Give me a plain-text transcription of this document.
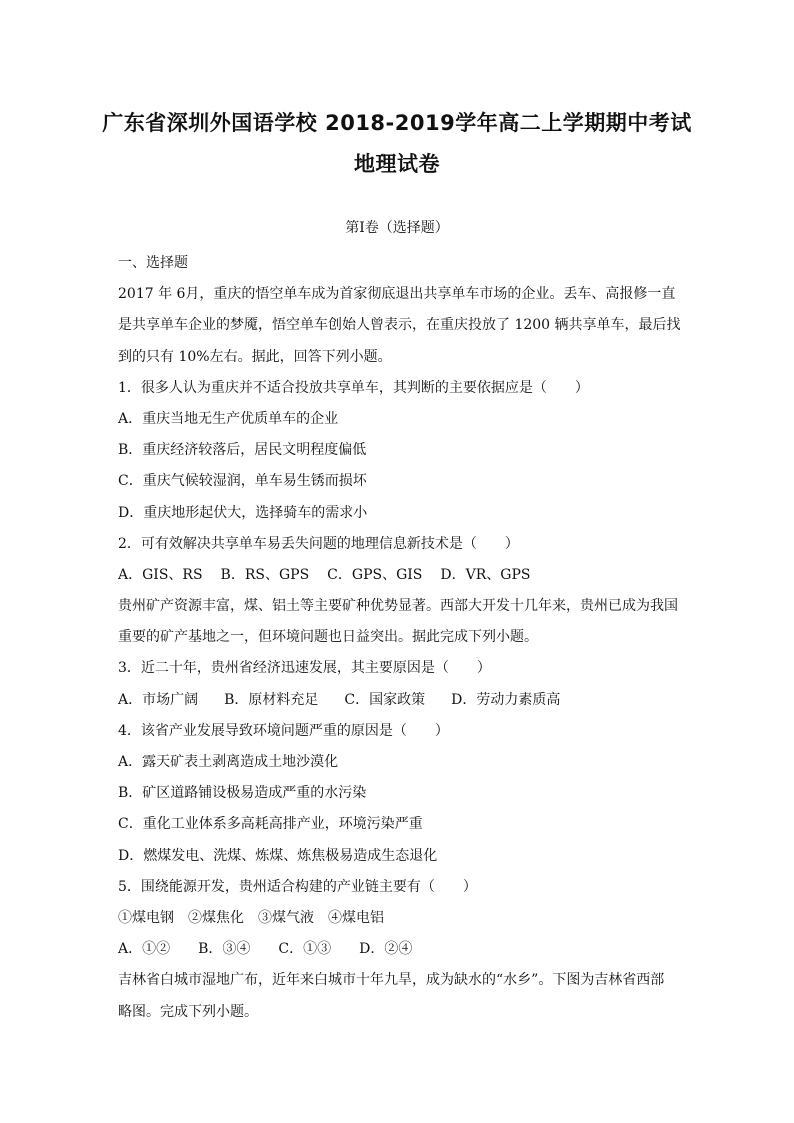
广东省深圳外国语学校 2018-2019学年高二上学期期中考试
地理试卷
第Ⅰ卷（选择题）
一、选择题
2017 年 6月，重庆的悟空单车成为首家彻底退出共享单车市场的企业。丢车、高报修一直
是共享单车企业的梦魇，悟空单车创始人曾表示，在重庆投放了 1200 辆共享单车，最后找
到的只有 10%左右。据此，回答下列小题。
1．很多人认为重庆并不适合投放共享单车，其判断的主要依据应是（　　）
A．重庆当地无生产优质单车的企业
B．重庆经济较落后，居民文明程度偏低
C．重庆气候较湿润，单车易生锈而损坏
D．重庆地形起伏大，选择骑车的需求小
2．可有效解决共享单车易丢失问题的地理信息新技术是（　　）
A．GIS、RS B．RS、GPS C．GPS、GIS D．VR、GPS
贵州矿产资源丰富，煤、铝土等主要矿种优势显著。西部大开发十几年来，贵州已成为我国
重要的矿产基地之一，但环境问题也日益突出。据此完成下列小题。
3．近二十年，贵州省经济迅速发展，其主要原因是（　　）
A．市场广阔 B．原材料充足 C．国家政策 D．劳动力素质高
4．该省产业发展导致环境问题严重的原因是（　　）
A．露天矿表土剥离造成土地沙漠化
B．矿区道路铺设极易造成严重的水污染
C．重化工业体系多高耗高排产业，环境污染严重
D．燃煤发电、洗煤、炼煤、炼焦极易造成生态退化
5．围绕能源开发，贵州适合构建的产业链主要有（　　）
①煤电钢 ②煤焦化 ③煤气液 ④煤电铝
A．①② B．③④ C．①③ D．②④
吉林省白城市湿地广布，近年来白城市十年九旱，成为缺水的“水乡”。下图为吉林省西部
略图。完成下列小题。
